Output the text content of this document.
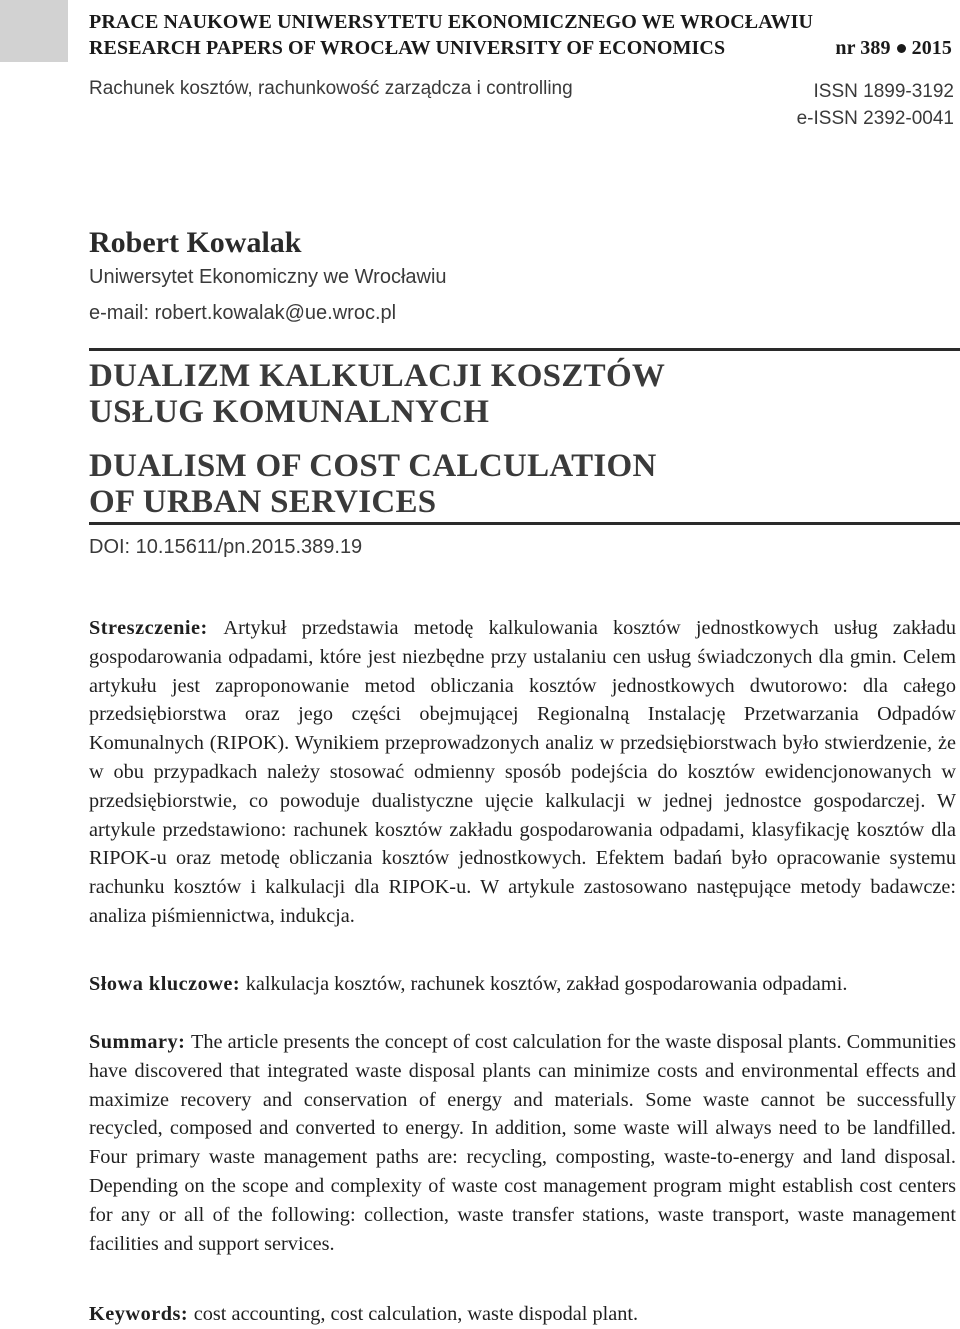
PRACE NAUKOWE UNIWERSYTETU EKONOMICZNEGO WE WROCŁAWIU
RESEARCH PAPERS OF WROCŁAW UNIVERSITY OF ECONOMICS	nr 389 2015
Rachunek kosztów, rachunkowość zarządcza i controlling	ISSN 1899-3192
e-ISSN 2392-0041
Robert Kowalak
Uniwersytet Ekonomiczny we Wrocławiu
e-mail: robert.kowalak@ue.wroc.pl
DUALIZM KALKULACJI KOSZTÓW
USŁUG KOMUNALNYCH
DUALISM OF COST CALCULATION
OF URBAN SERVICES
DOI: 10.15611/pn.2015.389.19
Streszczenie: Artykuł przedstawia metodę kalkulowania kosztów jednostkowych usług zakładu gospodarowania odpadami, które jest niezbędne przy ustalaniu cen usług świadczonych dla gmin. Celem artykułu jest zaproponowanie metod obliczania kosztów jednostkowych dwutorowo: dla całego przedsiębiorstwa oraz jego części obejmującej Regionalną Instalację Przetwarzania Odpadów Komunalnych (RIPOK). Wynikiem przeprowadzonych analiz w przedsiębiorstwach było stwierdzenie, że w obu przypadkach należy stosować odmienny sposób podejścia do kosztów ewidencjonowanych w przedsiębiorstwie, co powoduje dualistyczne ujęcie kalkulacji w jednej jednostce gospodarczej. W artykule przedstawiono: rachunek kosztów zakładu gospodarowania odpadami, klasyfikację kosztów dla RIPOK-u oraz metodę obliczania kosztów jednostkowych. Efektem badań było opracowanie systemu rachunku kosztów i kalkulacji dla RIPOK-u. W artykule zastosowano następujące metody badawcze: analiza piśmiennictwa, indukcja.
Słowa kluczowe: kalkulacja kosztów, rachunek kosztów, zakład gospodarowania odpadami.
Summary: The article presents the concept of cost calculation for the waste disposal plants. Communities have discovered that integrated waste disposal plants can minimize costs and environmental effects and maximize recovery and conservation of energy and materials. Some waste cannot be successfully recycled, composed and converted to energy. In addition, some waste will always need to be landfilled. Four primary waste management paths are: recycling, composting, waste-to-energy and land disposal. Depending on the scope and complexity of waste cost management program might establish cost centers for any or all of the following: collection, waste transfer stations, waste transport, waste management facilities and support services.
Keywords: cost accounting, cost calculation, waste dispodal plant.
